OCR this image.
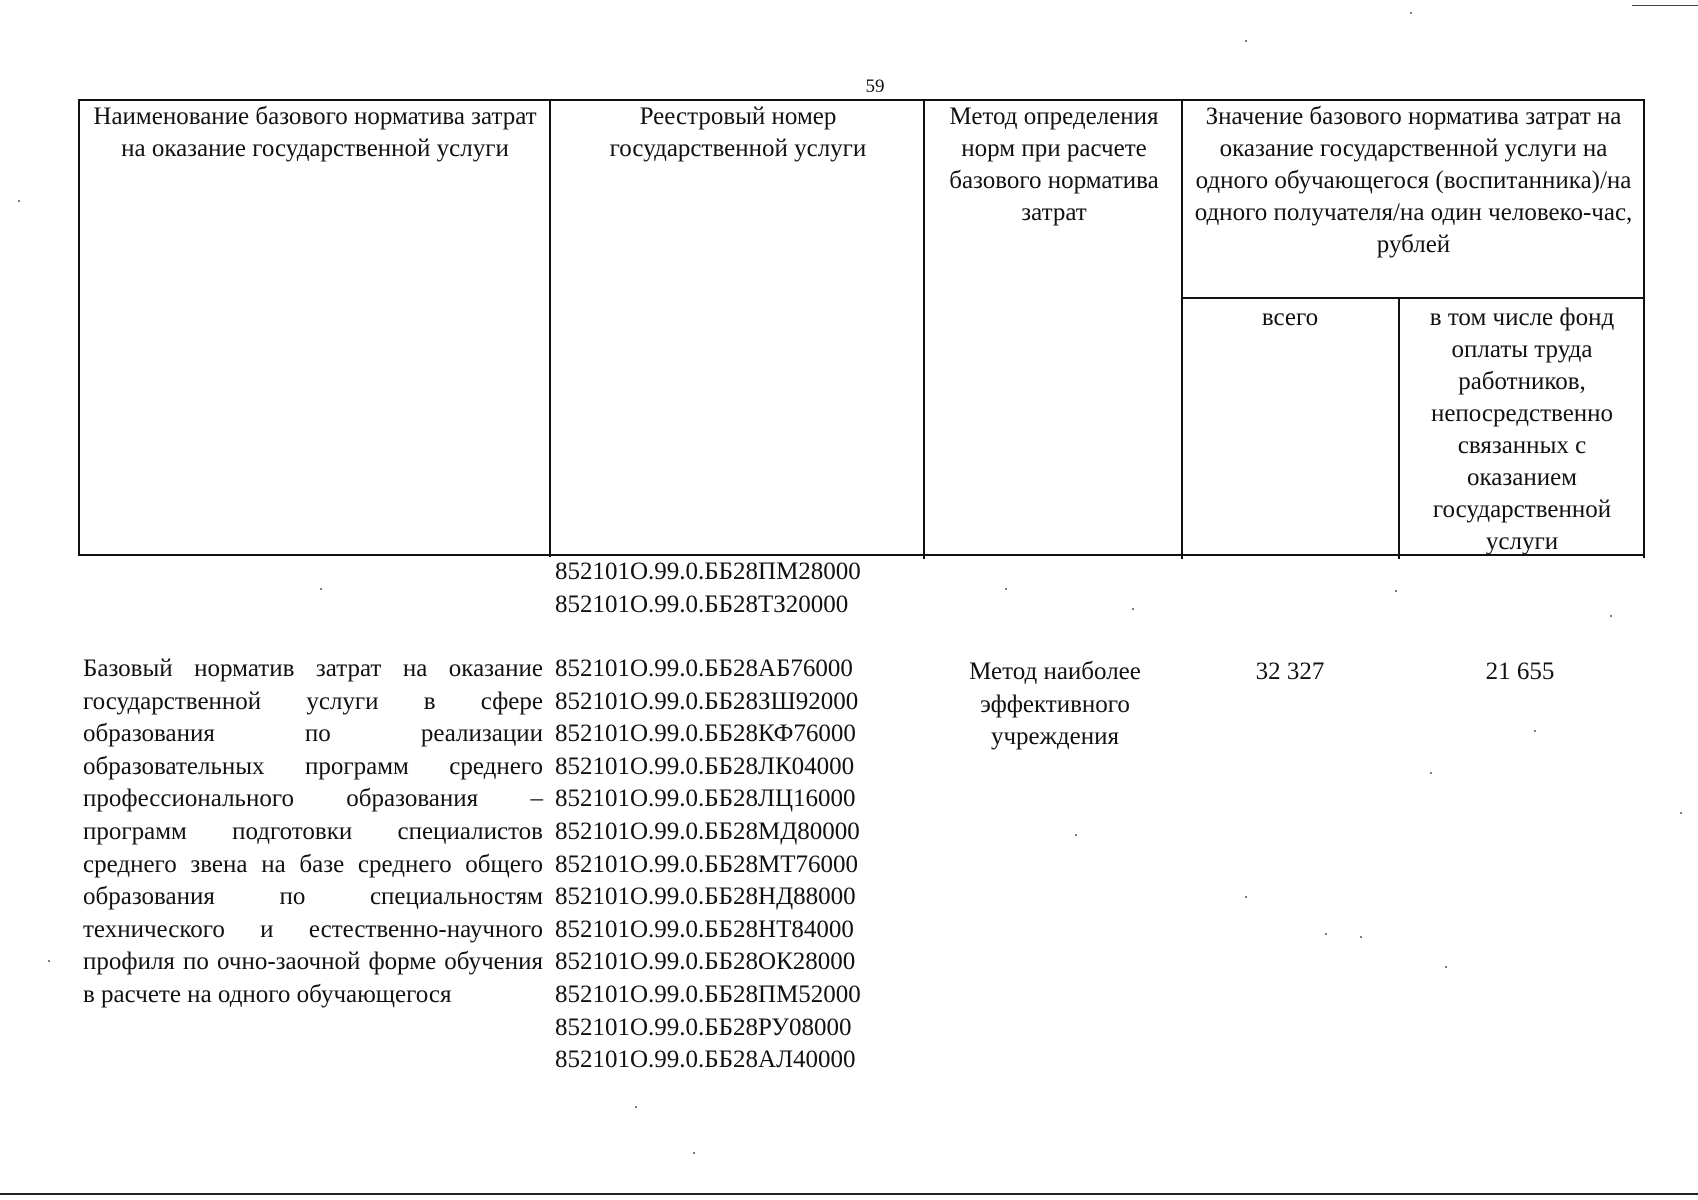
59
Наименование базового норматива затрат на оказание государственной услуги
Реестровый номер государственной услуги
Метод определения норм при расчете базового норматива затрат
Значение базового норматива затрат на оказание государственной услуги на одного обучающегося (воспитанника)/на одного получателя/на один человеко-час, рублей
всего	в том числе фонд оплаты труда работников, непосредственно связанных с оказанием государственной услуги
852101О.99.0.ББ28ПМ28000
852101О.99.0.ББ28ТЗ20000
Базовый норматив затрат на оказание государственной услуги в сфере образования по реализации образовательных программ среднего профессионального образования – программ подготовки специалистов среднего звена на базе среднего общего образования по специальностям технического и естественно-научного профиля по очно-заочной форме обучения в расчете на одного обучающегося
852101О.99.0.ББ28АБ76000
852101О.99.0.ББ28ЗШ92000
852101О.99.0.ББ28КФ76000
852101О.99.0.ББ28ЛК04000
852101О.99.0.ББ28ЛЦ16000
852101О.99.0.ББ28МД80000
852101О.99.0.ББ28МТ76000
852101О.99.0.ББ28НД88000
852101О.99.0.ББ28НТ84000
852101О.99.0.ББ28ОК28000
852101О.99.0.ББ28ПМ52000
852101О.99.0.ББ28РУ08000
852101О.99.0.ББ28АЛ40000
Метод наиболее эффективного учреждения
32 327	21 655
